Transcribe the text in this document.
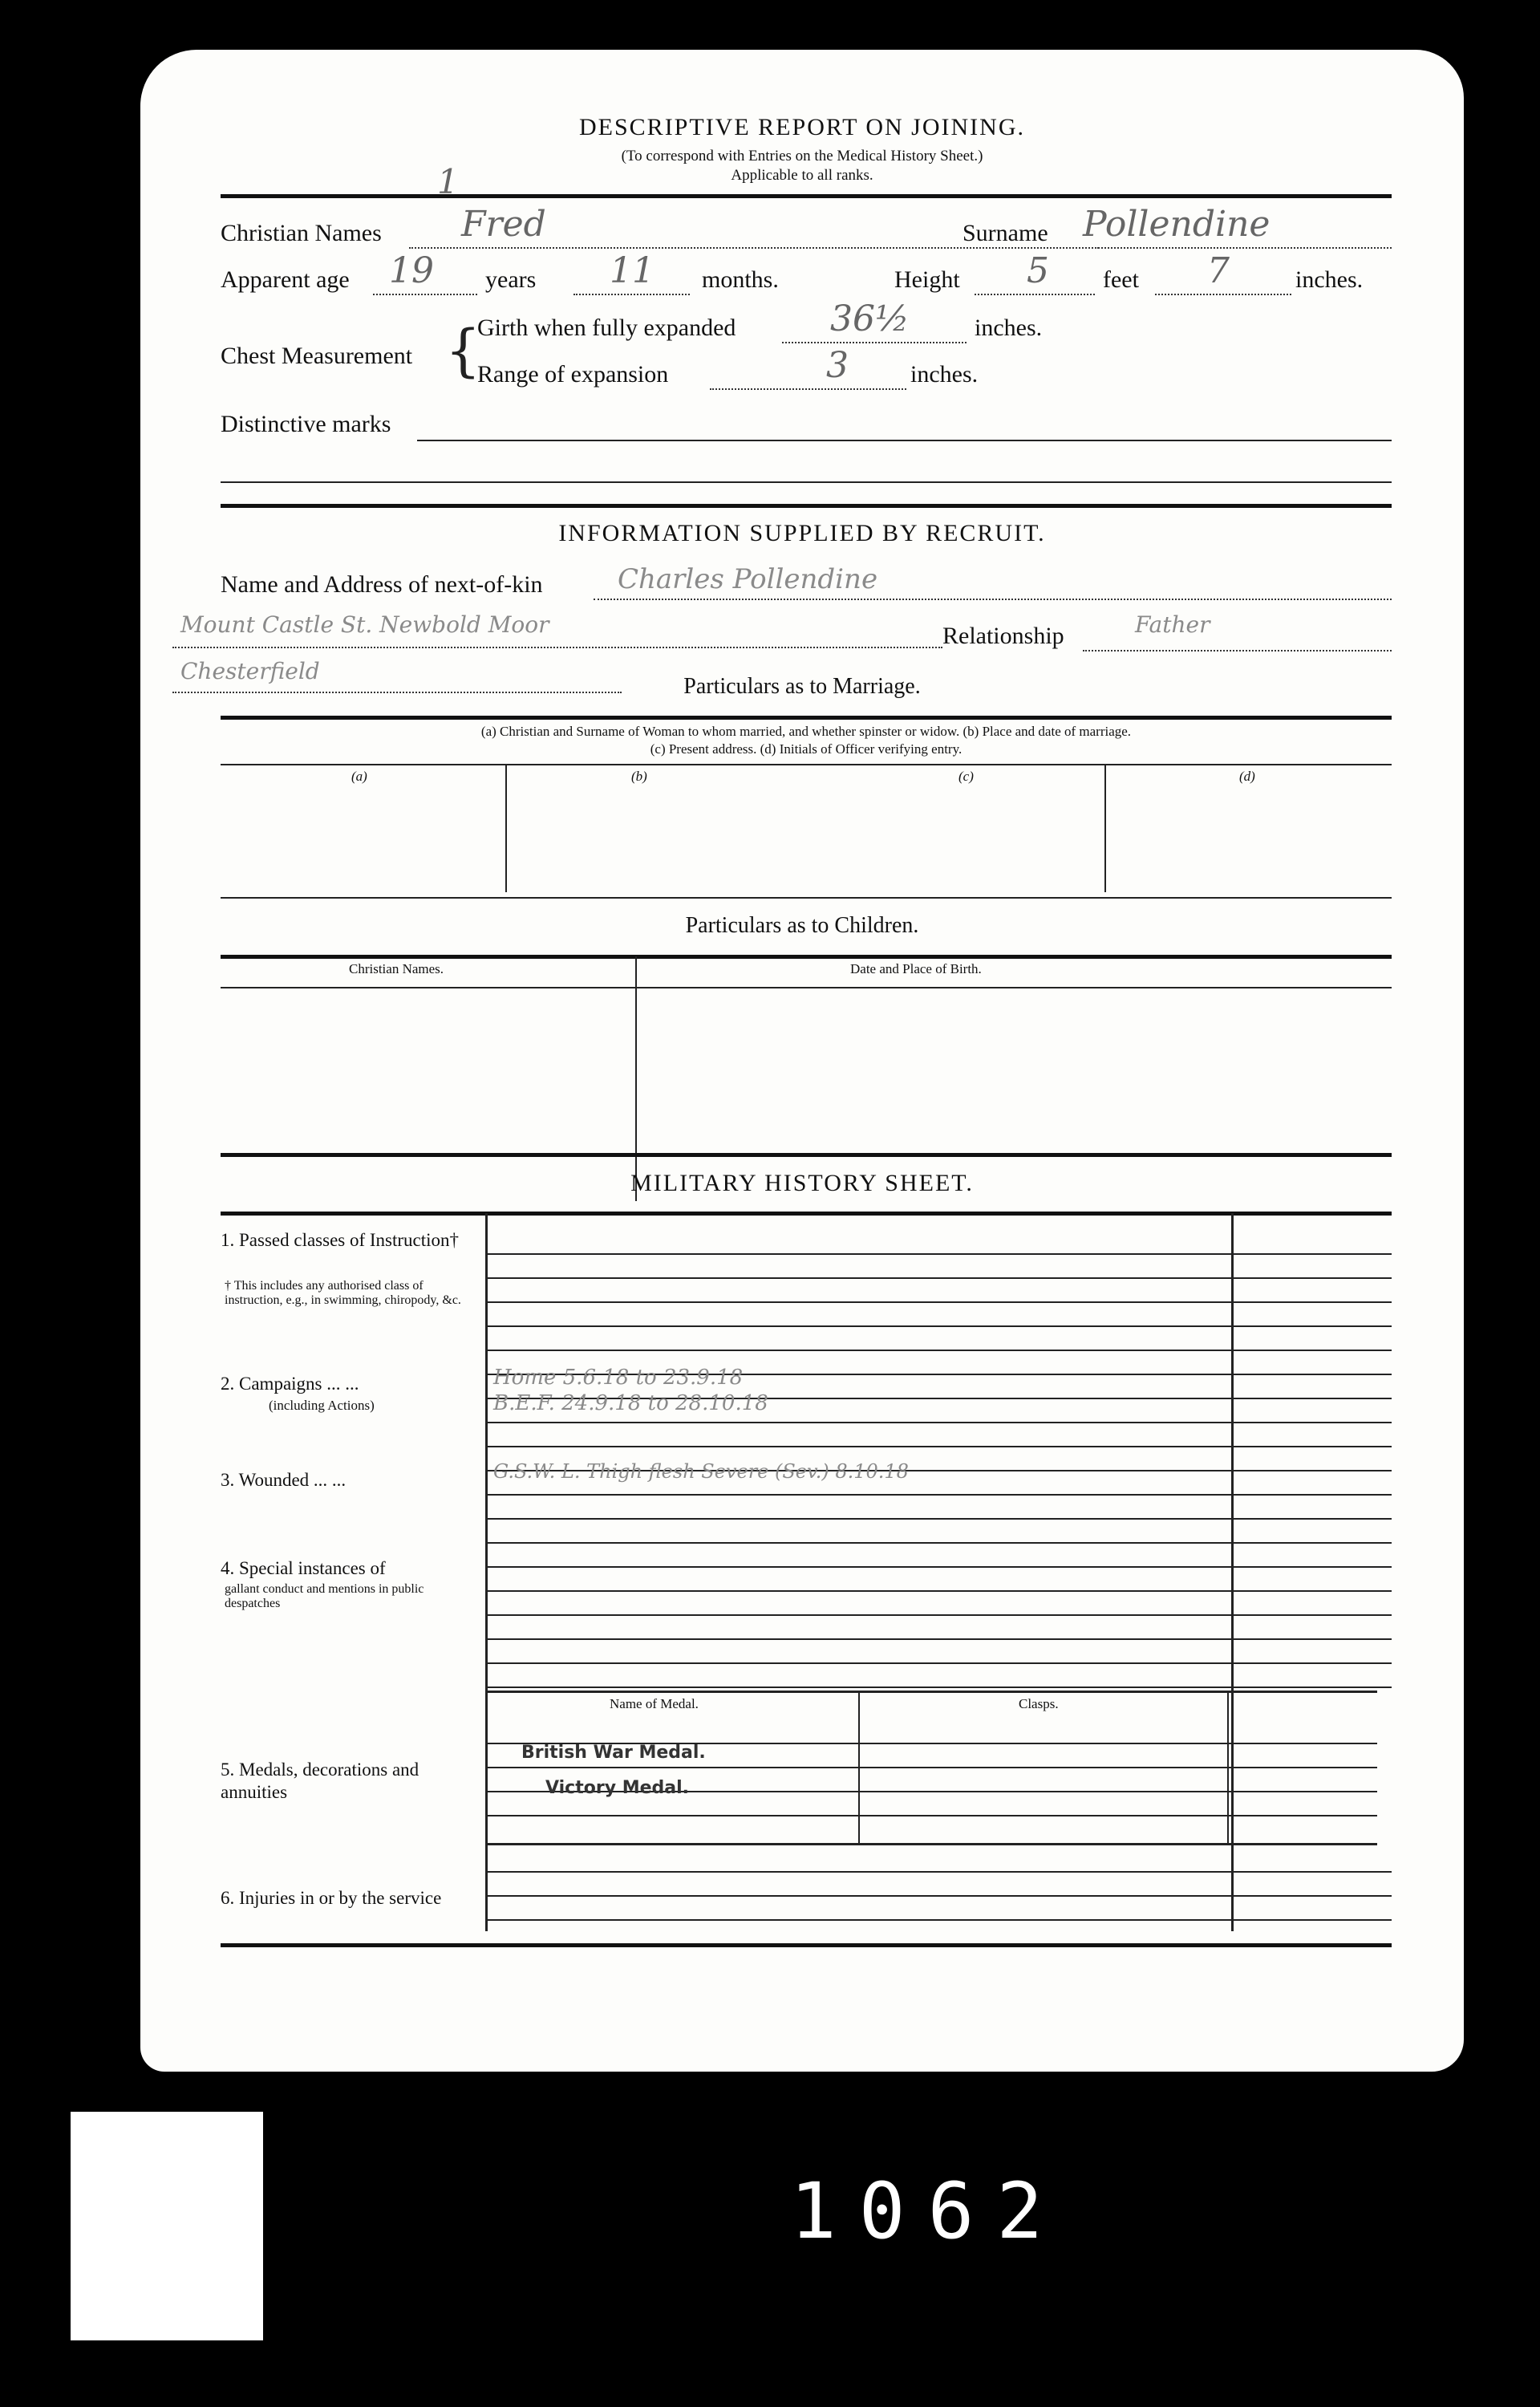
DESCRIPTIVE REPORT ON JOINING.
(To correspond with Entries on the Medical History Sheet.)
Applicable to all ranks.
1
Christian Names Fred	Surname Pollendine
Apparent age 19 years 11 months.	Height 5 feet 7	inches.
Chest Measurement {
Girth when fully expanded	36½	inches.
Range of expansion	3	inches.
Distinctive marks
INFORMATION SUPPLIED BY RECRUIT.
Name and Address of next-of-kin	Charles Pollendine
Mount Castle St. Newbold Moor	Relationship	Father
Chesterfield
Particulars as to Marriage.
(a) Christian and Surname of Woman to whom married, and whether spinster or widow. (b) Place and date of marriage.
(c) Present address. (d) Initials of Officer verifying entry.
(a)	(b)	(c)	(d)
Particulars as to Children.
Christian Names.	Date and Place of Birth.
MILITARY HISTORY SHEET.
1. Passed classes of Instruction†
† This includes any authorised class of instruction, e.g., in swimming, chiropody, &c.
2. Campaigns ... ...
(including Actions)
Home 5.6.18 to 23.9.18
B.E.F. 24.9.18 to 28.10.18
3. Wounded ... ...	G.S.W. L. Thigh flesh Severe (Sev.) 8.10.18
4. Special instances of
gallant conduct and mentions in public despatches
Name of Medal.	Clasps.
British War Medal.
Victory Medal.
5. Medals, decorations and annuities
6. Injuries in or by the service
1062
